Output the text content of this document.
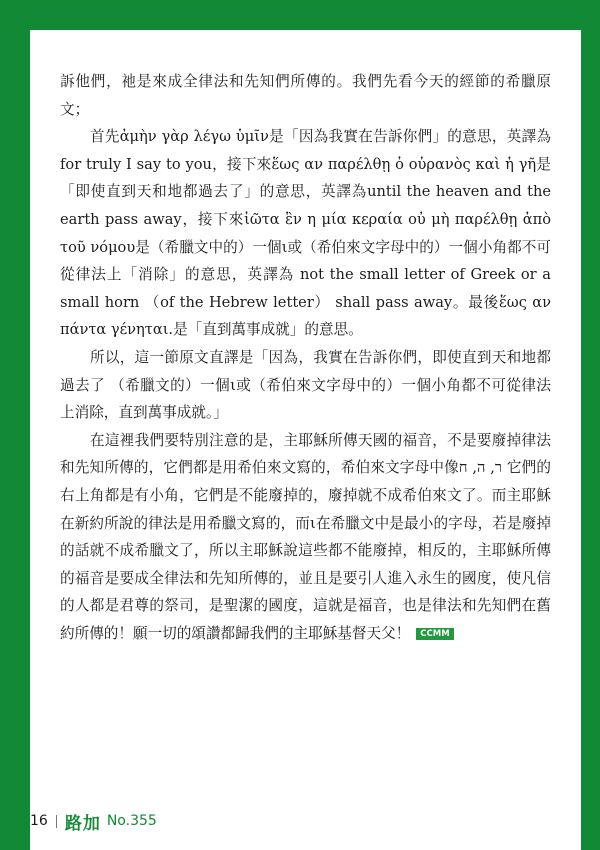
訴他們，祂是來成全律法和先知們所傳的。我們先看今天的經節的希臘原文；

首先ἀμὴν γὰρ λέγω ὑμῖν是「因為我實在告訴你們」的意思，英譯為for truly I say to you，接下來ἕως αν παρέλθῃ ὁ οὐρανὸς καὶ ἡ γῆ是「即使直到天和地都過去了」的意思，英譯為until the heaven and the earth pass away，接下來ἰῶτα ἓν η μία κεραία οὐ μὴ παρέλθῃ ἀπὸ τοῦ νόμου是（希臘文中的）一個ι或（希伯來文字母中的）一個小角都不可從律法上「消除」的意思，英譯為 not the small letter of Greek or a small horn （of the Hebrew letter） shall pass away。最後ἕως αν πάντα γένηται.是「直到萬事成就」的意思。

所以，這一節原文直譯是「因為，我實在告訴你們，即使直到天和地都過去了 （希臘文的）一個ι或（希伯來文字母中的）一個小角都不可從律法上消除，直到萬事成就。」

在這裡我們要特別注意的是，主耶穌所傳天國的福音，不是要廢掉律法和先知所傳的，它們都是用希伯來文寫的，希伯來文字母中像ר, ה, ח 它們的右上角都是有小角，它們是不能廢掉的，廢掉就不成希伯來文了。而主耶穌在新約所說的律法是用希臘文寫的，而ι在希臘文中是最小的字母，若是廢掉的話就不成希臘文了，所以主耶穌說這些都不能廢掉，相反的，主耶穌所傳的福音是要成全律法和先知所傳的，並且是要引人進入永生的國度，使凡信的人都是君尊的祭司，是聖潔的國度，這就是福音，也是律法和先知們在舊約所傳的！願一切的頌讚都歸我們的主耶穌基督天父！ CCMM

16 路加 No.355
